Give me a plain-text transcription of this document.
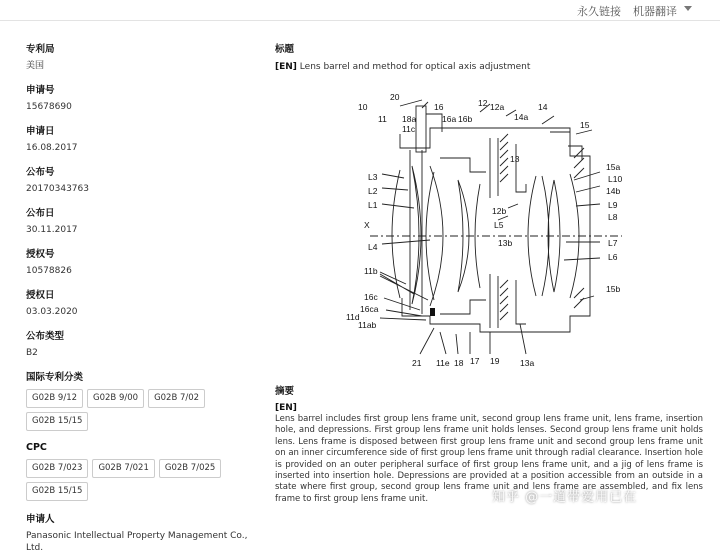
永久链接 机器翻译
专利局
美国
申请号
15678690
申请日
16.08.2017
公布号
20170343763
公布日
30.11.2017
授权号
10578826
授权日
03.03.2020
公布类型
B2
国际专利分类
G02B 9/12	G02B 9/00	G02B 7/02
G02B 15/15
CPC
G02B 7/023	G02B 7/021	G02B 7/025
G02B 15/15
申请人
Panasonic Intellectual Property Management Co., Ltd.
标题
[EN] Lens barrel and method for optical axis adjustment
20
16	12 12a	14
10
11 18a
11c
16a 16b	14a
15
13
15a
L3	L10
L2	14b
L1
12b
L9
L8
X	L5
L4	L7
13b
L6
11b
15b
16c
16ca
11d
11ab
21 11e 18 17 19 13a
摘要
[EN]
Lens barrel includes first group lens frame unit, second group lens frame unit, lens frame, insertion hole, and depressions. First group lens frame unit holds lenses. Second group lens frame unit holds lens. Lens frame is disposed between first group lens frame unit and second group lens frame unit on an inner circumference side of first group lens frame unit through radial clearance. Insertion hole is provided on an outer peripheral surface of first group lens frame unit, and a jig of lens frame is inserted into insertion hole. Depressions are provided at a position accessible from an outside in a state where first group, second group lens frame unit and lens frame are assembled, and fix lens frame to first group lens frame unit.	知乎 @一道带爱用已在
